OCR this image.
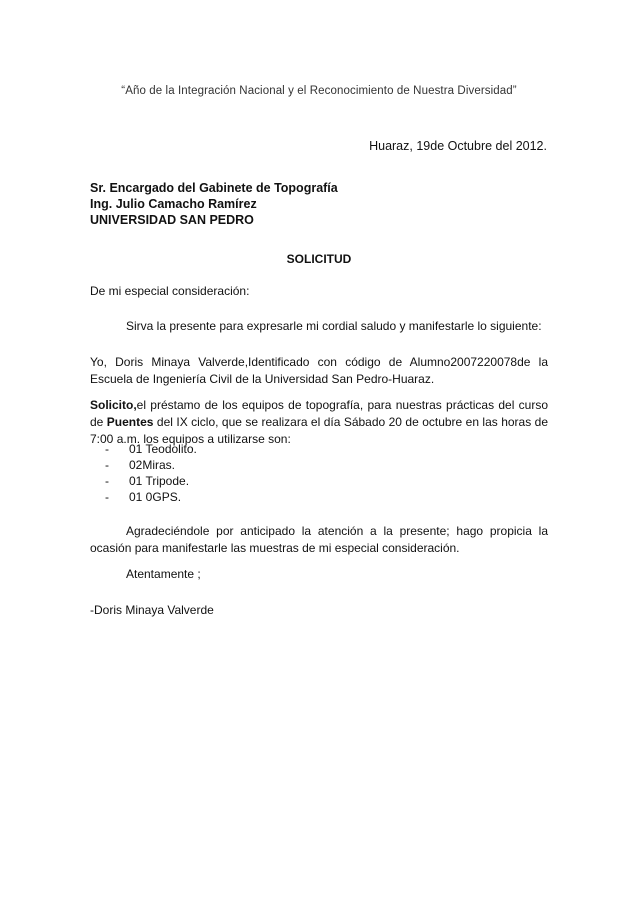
“Año de la Integración Nacional y el Reconocimiento de Nuestra Diversidad”

Huaraz, 19de Octubre del 2012.

Sr. Encargado del Gabinete de Topografía

Ing. Julio Camacho Ramírez

UNIVERSIDAD SAN PEDRO

SOLICITUD

De mi especial consideración:

Sirva la presente para expresarle mi cordial saludo y manifestarle lo siguiente:

Yo, Doris Minaya Valverde,Identificado con código de Alumno2007220078de la Escuela de Ingeniería Civil de la Universidad San Pedro-Huaraz.

Solicito,el préstamo de los equipos de topografía, para nuestras prácticas del curso de Puentes del IX ciclo, que se realizara el día Sábado 20 de octubre en las horas de 7:00 a.m. los equipos a utilizarse son:

- 01 Teodolito.
- 02Miras.
- 01 Tripode.
- 01 0GPS.

Agradeciéndole por anticipado la atención a la presente; hago propicia la ocasión para manifestarle las muestras de mi especial consideración.

Atentamente ;

-Doris Minaya Valverde
